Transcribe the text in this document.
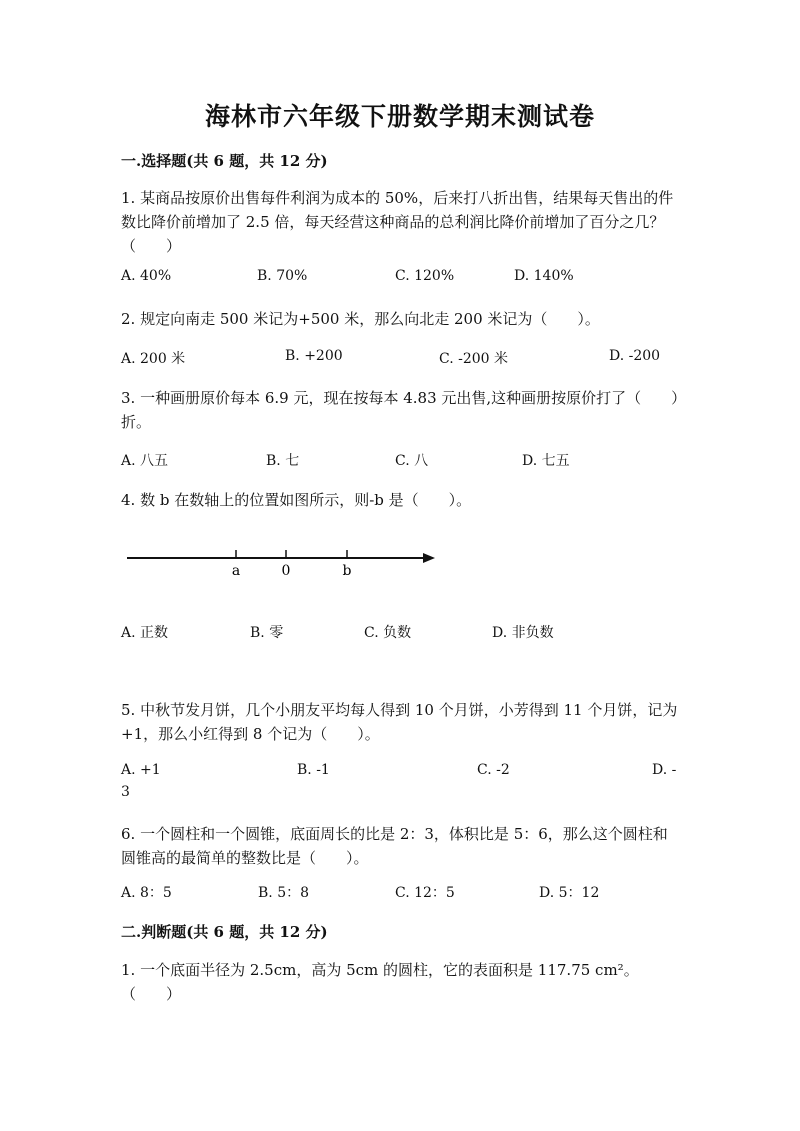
海林市六年级下册数学期末测试卷
一.选择题(共 6 题，共 12 分)
1. 某商品按原价出售每件利润为成本的 50%，后来打八折出售，结果每天售出的件数比降价前增加了 2.5 倍，每天经营这种商品的总利润比降价前增加了百分之几？（　　）
A. 40%	B. 70%	C. 120%	D. 140%
2. 规定向南走 500 米记为+500 米，那么向北走 200 米记为（　　）。
A. 200 米	B. +200	C. -200 米	D. -200
3. 一种画册原价每本 6.9 元，现在按每本 4.83 元出售,这种画册按原价打了（　　）折。
A. 八五	B. 七	C. 八	D. 七五
4. 数 b 在数轴上的位置如图所示，则-b 是（　　）。
a	0	b
A. 正数	B. 零	C. 负数	D. 非负数
5. 中秋节发月饼，几个小朋友平均每人得到 10 个月饼，小芳得到 11 个月饼，记为+1，那么小红得到 8 个记为（　　）。
A. +1	B. -1	C. -2	D. -
3
6. 一个圆柱和一个圆锥，底面周长的比是 2：3，体积比是 5：6，那么这个圆柱和圆锥高的最简单的整数比是（　　）。
A. 8：5	B. 5：8	C. 12：5	D. 5：12
二.判断题(共 6 题，共 12 分)
1. 一个底面半径为 2.5cm，高为 5cm 的圆柱，它的表面积是 117.75 cm²。（　　）
